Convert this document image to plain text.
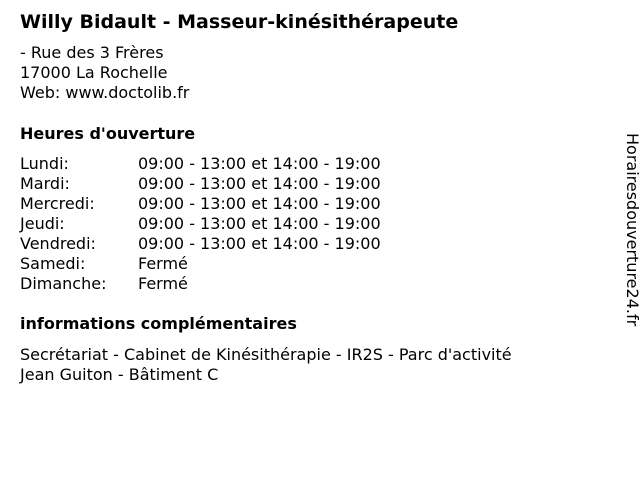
Willy Bidault - Masseur-kinésithérapeute
- Rue des 3 Frères
17000 La Rochelle
Web: www.doctolib.fr
Heures d'ouverture
Lundi:	09:00 - 13:00 et 14:00 - 19:00
Mardi:	09:00 - 13:00 et 14:00 - 19:00
Mercredi:	09:00 - 13:00 et 14:00 - 19:00
Jeudi:	09:00 - 13:00 et 14:00 - 19:00
Vendredi:	09:00 - 13:00 et 14:00 - 19:00
Samedi:	Fermé
Dimanche:	Fermé
informations complémentaires
Secrétariat - Cabinet de Kinésithérapie - IR2S - Parc d'activité
Jean Guiton - Bâtiment C
Horairesdouverture24.fr
